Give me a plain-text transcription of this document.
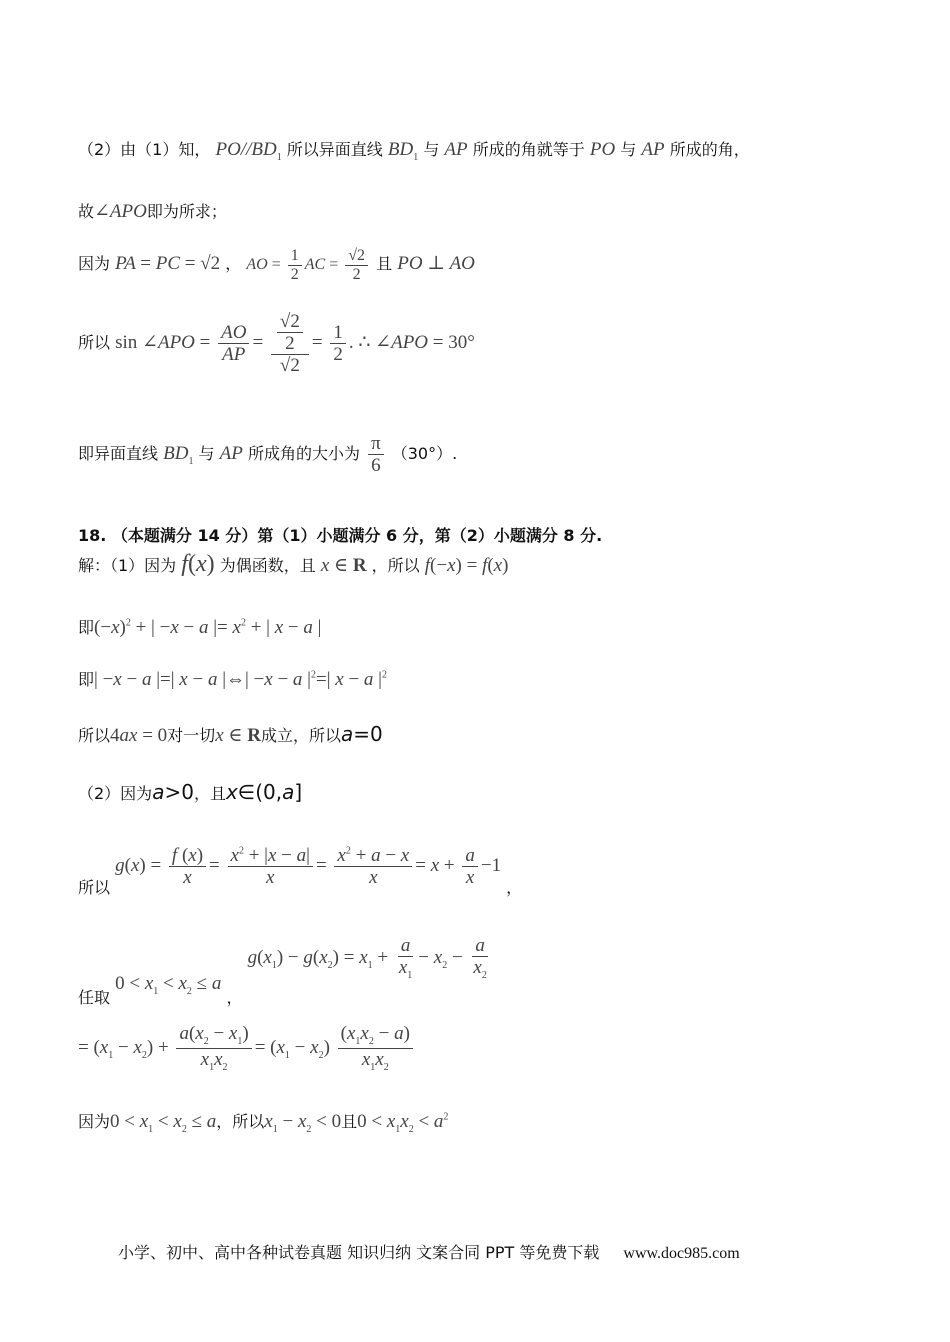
（2）由（1）知， $PO//BD_1$ 所以异面直线 $BD_1$ 与 AP 所成的角就等于 PO 与 AP 所成的角，
故∠APO即为所求；
因为 PA = PC = √2 ， AO = $\frac{1}{2}$ AC = $\frac{√2}{2}$ 且 PO ⊥ AO
所以 sin ∠APO = $\frac{AO}{AP} = \frac{\frac{√2}{2}}{√2} = \frac{1}{2}$ . ∴ ∠APO = 30°
即异面直线 $BD_1$ 与 AP 所成角的大小为 $\frac{\pi}{6} (30^\circ)$.
18. （本题满分 14 分）第（1）小题满分 6 分，第（2）小题满分 8 分.
解：（1）因为 f(x) 为偶函数，且 x ∈ R ，所以 f(−x) = f(x)
即$(-x)^2$ + | −x − a |= $x^2$ + | x − a |
即| −x − a |=| x − a |⇔| −x − a $|^2=|$ x − a $|^2$
所以4ax = 0对一切x ∈ R成立，所以a=0
（2）因为a>0，且x∈(0,a]
所以 $g(x) = \frac{f (x)}{x} = \frac{x^2 + |x - a|}{x} = \frac{x^2 + a - x}{x} = x + \frac{a}{x} -1$ ，
任取 $0 < x_1 < x_2 \le a$ ， $g(x_1) - g(x_2) = x_1 + \frac{a}{x_1} - x_2 - \frac{a}{x_2}$
= $(x_1 - x_2) + \frac{a(x_2 - x_1)}{x_1x_2} = (x_1 - x_2) \frac{(x_1x_2 - a)}{x_1x_2}$
因为$0 < x_1 < x_2 \le a$，所以$x_1 - x_2 < 0$且$0 < x_1x_2 < a^2$
小学、初中、高中各种试卷真题 知识归纳 文案合同 PPT 等免费下载 www.doc985.com
